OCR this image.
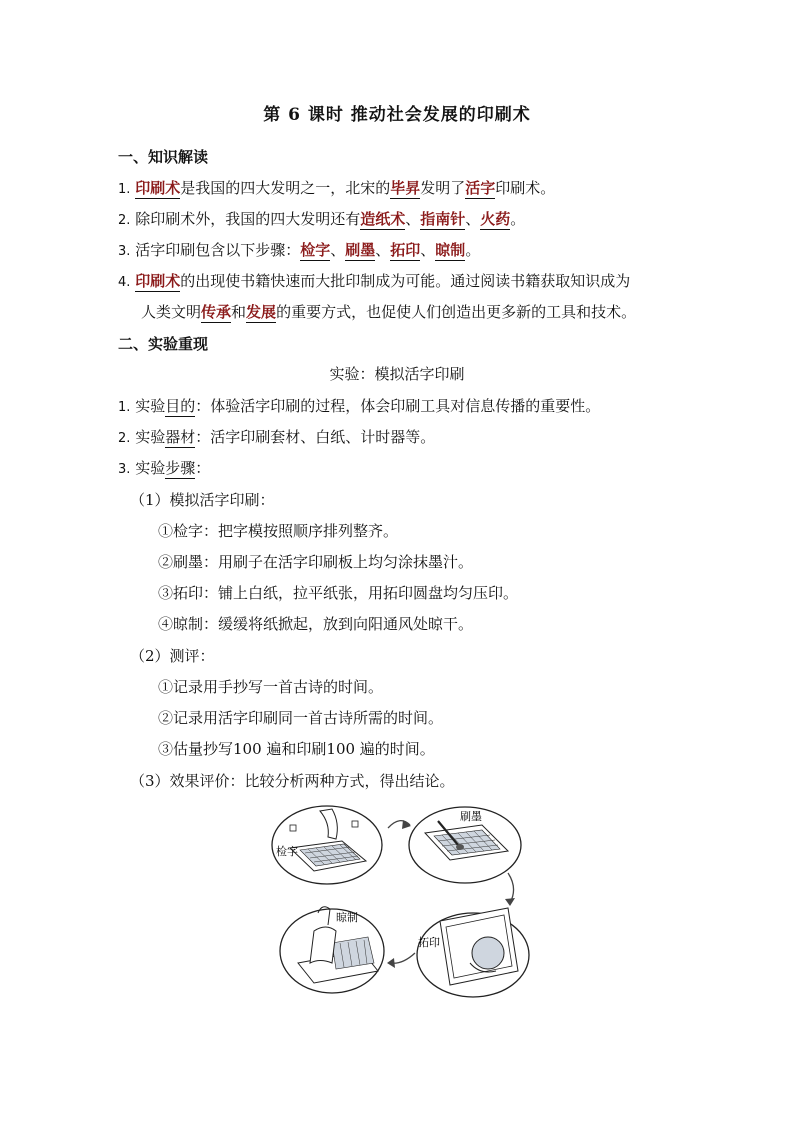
第 6 课时 推动社会发展的印刷术
一、知识解读
1. 印刷术是我国的四大发明之一，北宋的毕昇发明了活字印刷术。
2. 除印刷术外，我国的四大发明还有造纸术、指南针、火药。
3. 活字印刷包含以下步骤：检字、刷墨、拓印、晾制。
4. 印刷术的出现使书籍快速而大批印制成为可能。通过阅读书籍获取知识成为
人类文明传承和发展的重要方式，也促使人们创造出更多新的工具和技术。
二、实验重现
实验：模拟活字印刷
1. 实验目的：体验活字印刷的过程，体会印刷工具对信息传播的重要性。
2. 实验器材：活字印刷套材、白纸、计时器等。
3. 实验步骤：
（1）模拟活字印刷：
①检字：把字模按照顺序排列整齐。
②刷墨：用刷子在活字印刷板上均匀涂抹墨汁。
③拓印：铺上白纸，拉平纸张，用拓印圆盘均匀压印。
④晾制：缓缓将纸掀起，放到向阳通风处晾干。
（2）测评：
①记录用手抄写一首古诗的时间。
②记录用活字印刷同一首古诗所需的时间。
③估量抄写100 遍和印刷100 遍的时间。
（3）效果评价：比较分析两种方式，得出结论。
检字
刷墨
拓印
晾制
